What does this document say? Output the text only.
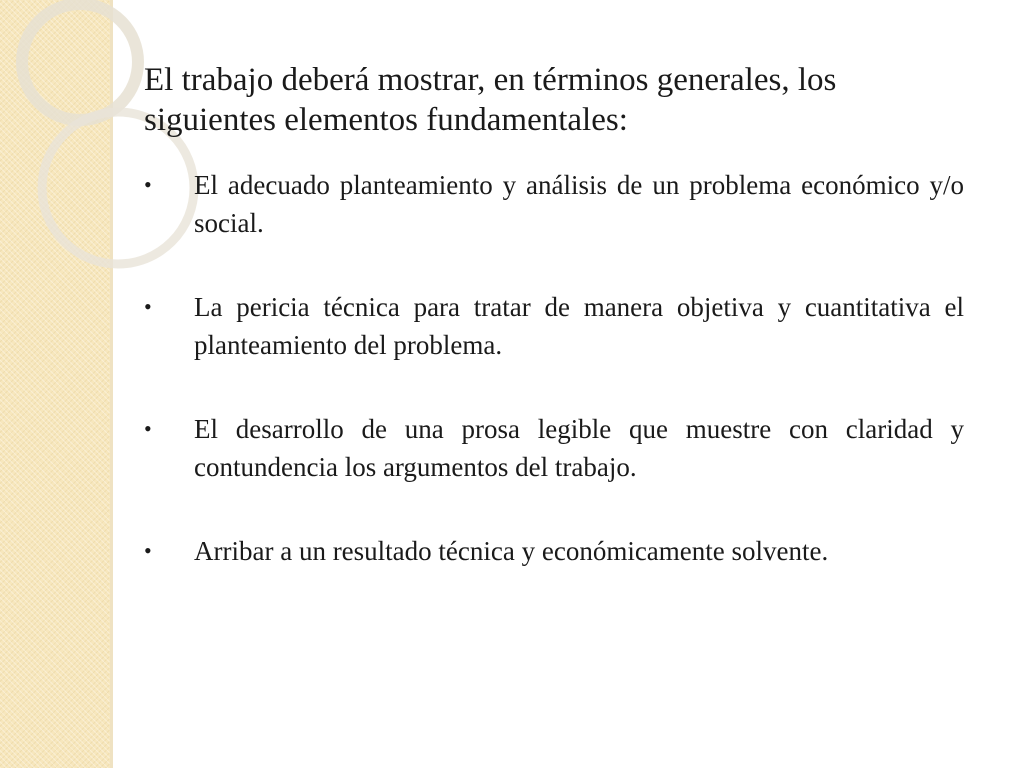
El trabajo deberá mostrar, en términos generales, los siguientes elementos fundamentales:
• El adecuado planteamiento y análisis de un problema económico y/o social.
• La pericia técnica para tratar de manera objetiva y cuantitativa el planteamiento del problema.
• El desarrollo de una prosa legible que muestre con claridad y contundencia los argumentos del trabajo.
• Arribar a un resultado técnica y económicamente solvente.
